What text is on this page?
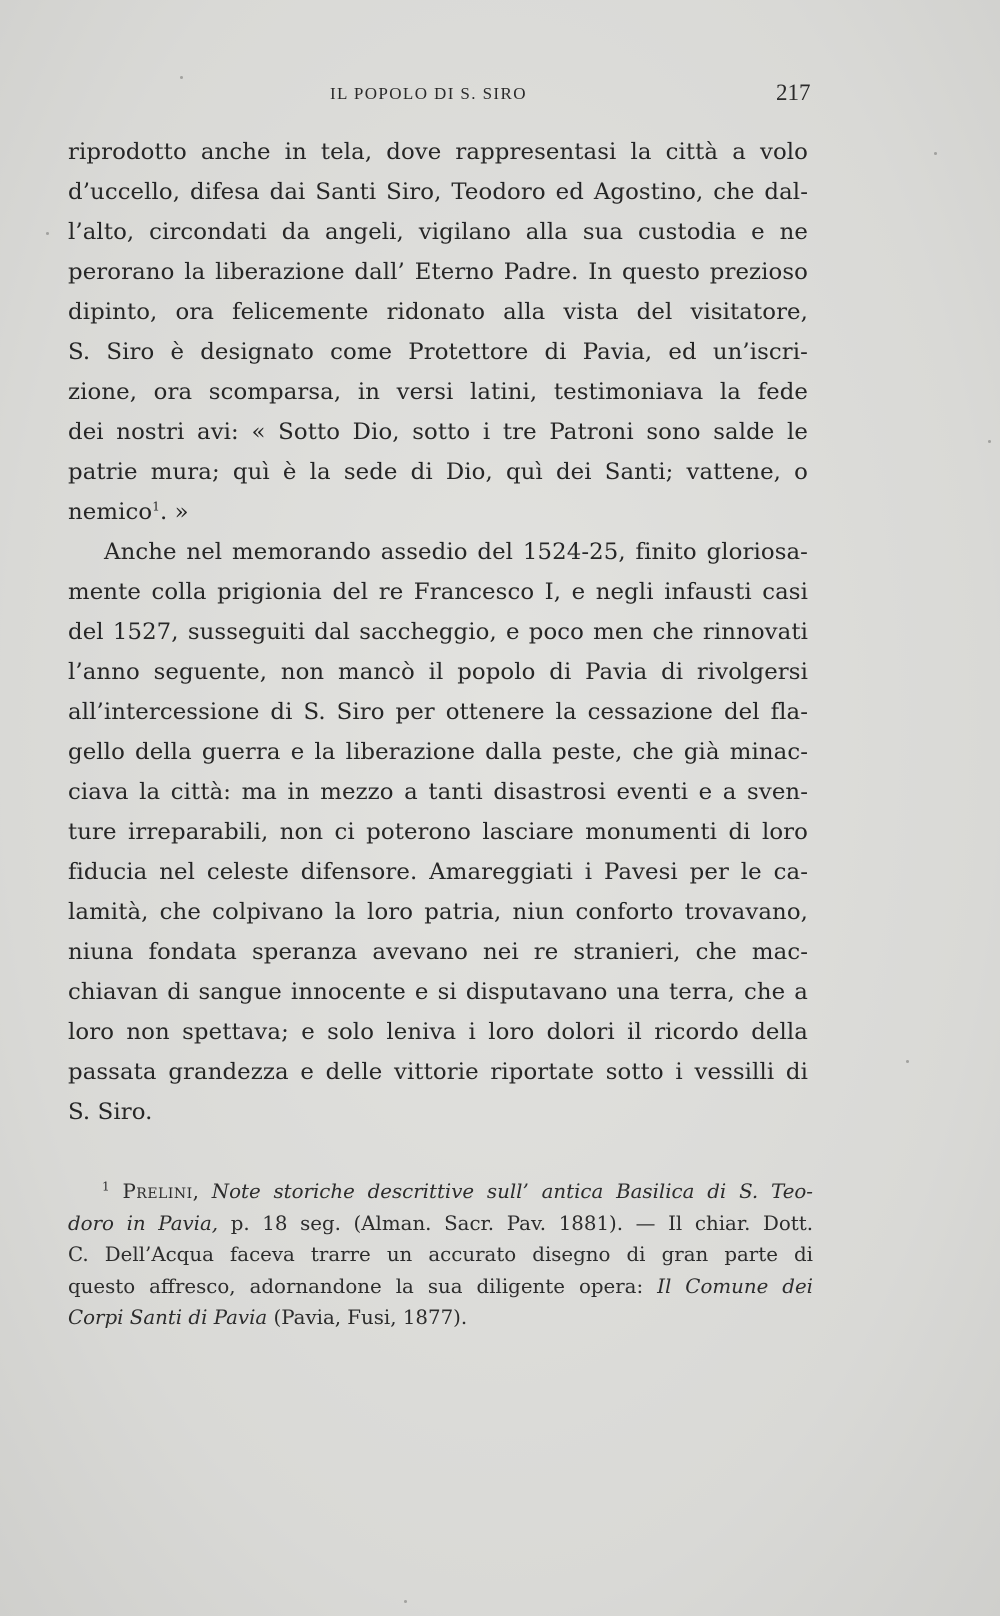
IL POPOLO DI S. SIRO	217
riprodotto anche in tela, dove rappresentasi la città a volo
d’uccello, difesa dai Santi Siro, Teodoro ed Agostino, che dal-
l’alto, circondati da angeli, vigilano alla sua custodia e ne
perorano la liberazione dall’ Eterno Padre. In questo prezioso
dipinto, ora felicemente ridonato alla vista del visitatore,
S. Siro è designato come Protettore di Pavia, ed un’iscri-
zione, ora scomparsa, in versi latini, testimoniava la fede
dei nostri avi: « Sotto Dio, sotto i tre Patroni sono salde le
patrie mura; quì è la sede di Dio, quì dei Santi; vattene, o
nemico$^1$. »
Anche nel memorando assedio del 1524-25, finito gloriosa-
mente colla prigionia del re Francesco I, e negli infausti casi
del 1527, susseguiti dal saccheggio, e poco men che rinnovati
l’anno seguente, non mancò il popolo di Pavia di rivolgersi
all’intercessione di S. Siro per ottenere la cessazione del fla-
gello della guerra e la liberazione dalla peste, che già minac-
ciava la città: ma in mezzo a tanti disastrosi eventi e a sven-
ture irreparabili, non ci poterono lasciare monumenti di loro
fiducia nel celeste difensore. Amareggiati i Pavesi per le ca-
lamità, che colpivano la loro patria, niun conforto trovavano,
niuna fondata speranza avevano nei re stranieri, che mac-
chiavan di sangue innocente e si disputavano una terra, che a
loro non spettava; e solo leniva i loro dolori il ricordo della
passata grandezza e delle vittorie riportate sotto i vessilli di
S. Siro.
$^1$ Prelini, Note storiche descrittive sull’ antica Basilica di S. Teo-
doro in Pavia, p. 18 seg. (Alman. Sacr. Pav. 1881). — Il chiar. Dott.
C. Dell’Acqua faceva trarre un accurato disegno di gran parte di
questo affresco, adornandone la sua diligente opera: Il Comune dei
Corpi Santi di Pavia (Pavia, Fusi, 1877).
